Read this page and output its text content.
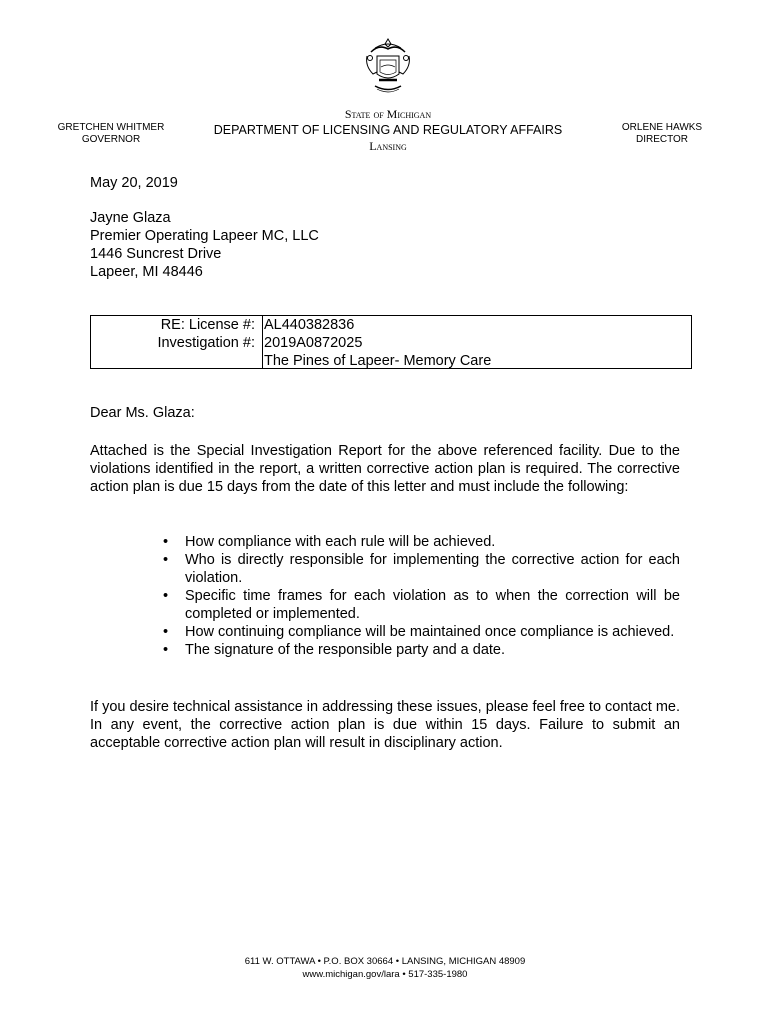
GRETCHEN WHITMER
GOVERNOR
State of Michigan
DEPARTMENT OF LICENSING AND REGULATORY AFFAIRS
Lansing
ORLENE HAWKS
DIRECTOR
May 20, 2019
Jayne Glaza
Premier Operating Lapeer MC, LLC
1446 Suncrest Drive
Lapeer, MI 48446
RE: License #:
Investigation #:
AL440382836
2019A0872025
The Pines of Lapeer- Memory Care
Dear Ms. Glaza:
Attached is the Special Investigation Report for the above referenced facility. Due to the violations identified in the report, a written corrective action plan is required. The corrective action plan is due 15 days from the date of this letter and must include the following:
• How compliance with each rule will be achieved.
• Who is directly responsible for implementing the corrective action for each violation.
• Specific time frames for each violation as to when the correction will be completed or implemented.
• How continuing compliance will be maintained once compliance is achieved.
• The signature of the responsible party and a date.
If you desire technical assistance in addressing these issues, please feel free to contact me. In any event, the corrective action plan is due within 15 days. Failure to submit an acceptable corrective action plan will result in disciplinary action.
611 W. OTTAWA • P.O. BOX 30664 • LANSING, MICHIGAN 48909
www.michigan.gov/lara • 517-335-1980
